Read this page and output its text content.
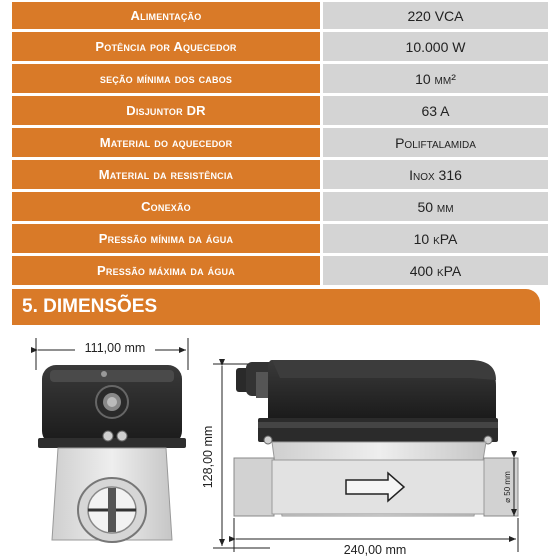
Alimentação	220 VCA
Potência por Aquecedor	10.000 W
seção mínima dos cabos	10 mm²
Disjuntor DR	63 A
Material do aquecedor	Poliftalamida
Material da resistência	Inox 316
Conexão	50 mm
Pressão mínima da água	10 kPA
Pressão máxima da água	400 kPA
5. DIMENSÕES
111,00 mm
128,00 mm	⌀ 50 mm
240,00 mm
